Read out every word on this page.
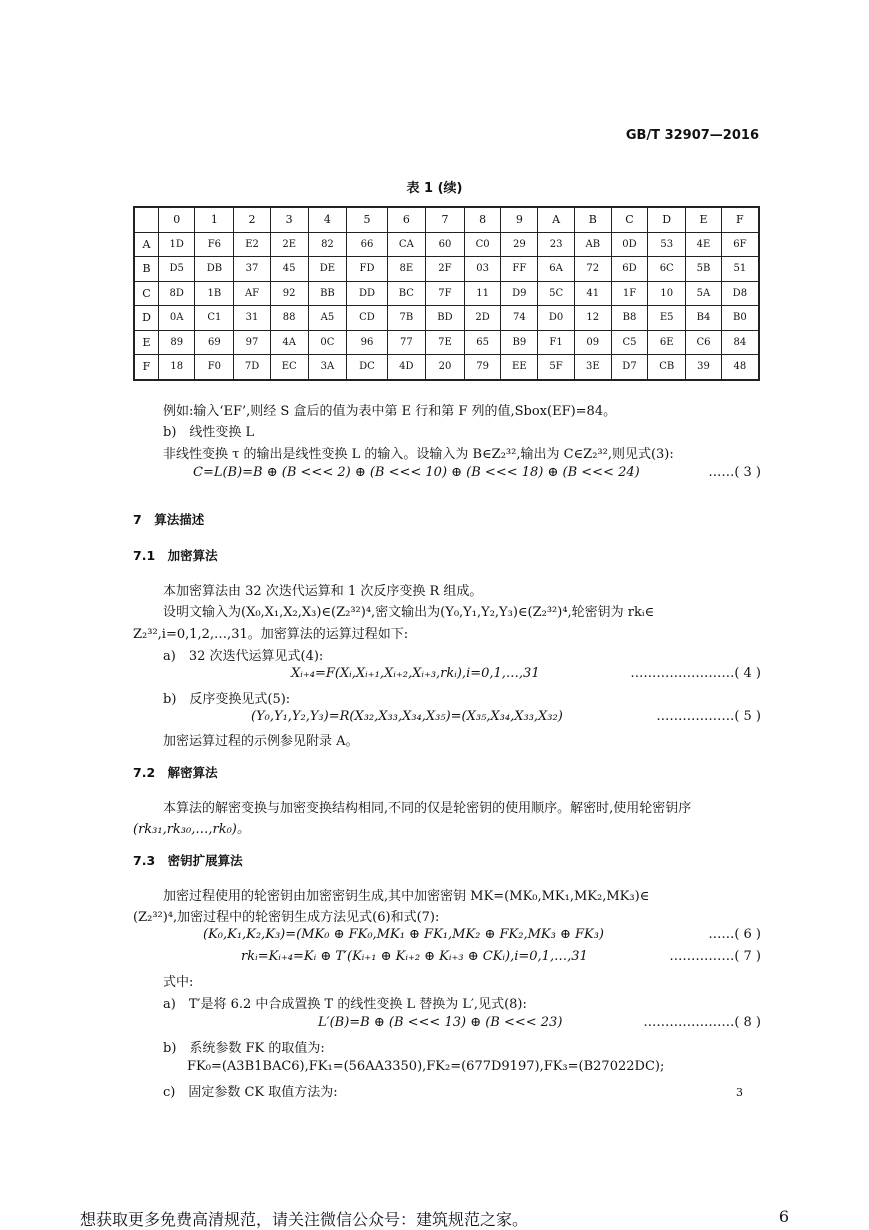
GB/T 32907—2016
表 1 (续)
	0	1	2	3	4	5	6	7	8	9	A	B	C	D	E	F
A	1D	F6	E2	2E	82	66	CA	60	C0	29	23	AB	0D	53	4E	6F
B	D5	DB	37	45	DE	FD	8E	2F	03	FF	6A	72	6D	6C	5B	51
C	8D	1B	AF	92	BB	DD	BC	7F	11	D9	5C	41	1F	10	5A	D8
D	0A	C1	31	88	A5	CD	7B	BD	2D	74	D0	12	B8	E5	B4	B0
E	89	69	97	4A	0C	96	77	7E	65	B9	F1	09	C5	6E	C6	84
F	18	F0	7D	EC	3A	DC	4D	20	79	EE	5F	3E	D7	CB	39	48
例如:输入‘EF’,则经 S 盒后的值为表中第 E 行和第 F 列的值,Sbox(EF)=84。
b)　线性变换 L
非线性变换 τ 的输出是线性变换 L 的输入。设输入为 B∈Z₂³²,输出为 C∈Z₂³²,则见式(3):
C=L(B)=B ⊕ (B <<< 2) ⊕ (B <<< 10) ⊕ (B <<< 18) ⊕ (B <<< 24)	……( 3 )
7　算法描述
7.1　加密算法
本加密算法由 32 次迭代运算和 1 次反序变换 R 组成。
设明文输入为(X₀,X₁,X₂,X₃)∈(Z₂³²)⁴,密文输出为(Y₀,Y₁,Y₂,Y₃)∈(Z₂³²)⁴,轮密钥为 rkᵢ∈
Z₂³²,i=0,1,2,…,31。加密算法的运算过程如下:
a)　32 次迭代运算见式(4):
Xᵢ₊₄=F(Xᵢ,Xᵢ₊₁,Xᵢ₊₂,Xᵢ₊₃,rkᵢ),i=0,1,…,31	……………………( 4 )
b)　反序变换见式(5):
(Y₀,Y₁,Y₂,Y₃)=R(X₃₂,X₃₃,X₃₄,X₃₅)=(X₃₅,X₃₄,X₃₃,X₃₂)	………………( 5 )
加密运算过程的示例参见附录 A。
7.2　解密算法
本算法的解密变换与加密变换结构相同,不同的仅是轮密钥的使用顺序。解密时,使用轮密钥序
(rk₃₁,rk₃₀,…,rk₀)。
7.3　密钥扩展算法
加密过程使用的轮密钥由加密密钥生成,其中加密密钥 MK=(MK₀,MK₁,MK₂,MK₃)∈
(Z₂³²)⁴,加密过程中的轮密钥生成方法见式(6)和式(7):
(K₀,K₁,K₂,K₃)=(MK₀ ⊕ FK₀,MK₁ ⊕ FK₁,MK₂ ⊕ FK₂,MK₃ ⊕ FK₃)	……( 6 )
rkᵢ=Kᵢ₊₄=Kᵢ ⊕ T′(Kᵢ₊₁ ⊕ Kᵢ₊₂ ⊕ Kᵢ₊₃ ⊕ CKᵢ),i=0,1,…,31	……………( 7 )
式中:
a)　T′是将 6.2 中合成置换 T 的线性变换 L 替换为 L′,见式(8):
L′(B)=B ⊕ (B <<< 13) ⊕ (B <<< 23)	…………………( 8 )
b)　系统参数 FK 的取值为:
FK₀=(A3B1BAC6),FK₁=(56AA3350),FK₂=(677D9197),FK₃=(B27022DC);
c)　固定参数 CK 取值方法为:	3
想获取更多免费高清规范，请关注微信公众号：建筑规范之家。	6
